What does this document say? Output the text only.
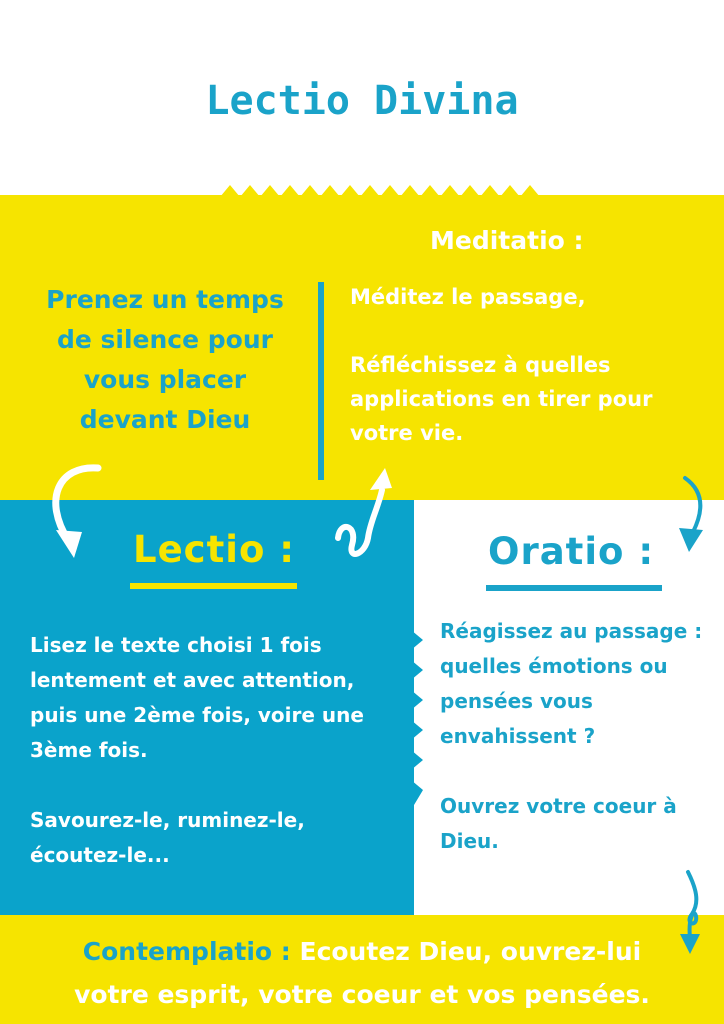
Lectio Divina
Prenez un temps
de silence pour
vous placer
devant Dieu
Meditatio :

Méditez le passage,

Réfléchissez à quelles applications en tirer pour votre vie.

Lectio :

Lisez le texte choisi 1 fois lentement et avec attention, puis une 2ème fois, voire une 3ème fois.

Savourez-le, ruminez-le, écoutez-le...

Oratio :

Réagissez au passage : quelles émotions ou pensées vous envahissent ?

Ouvrez votre coeur à Dieu.

Contemplatio : Ecoutez Dieu, ouvrez-lui
votre esprit, votre coeur et vos pensées.
